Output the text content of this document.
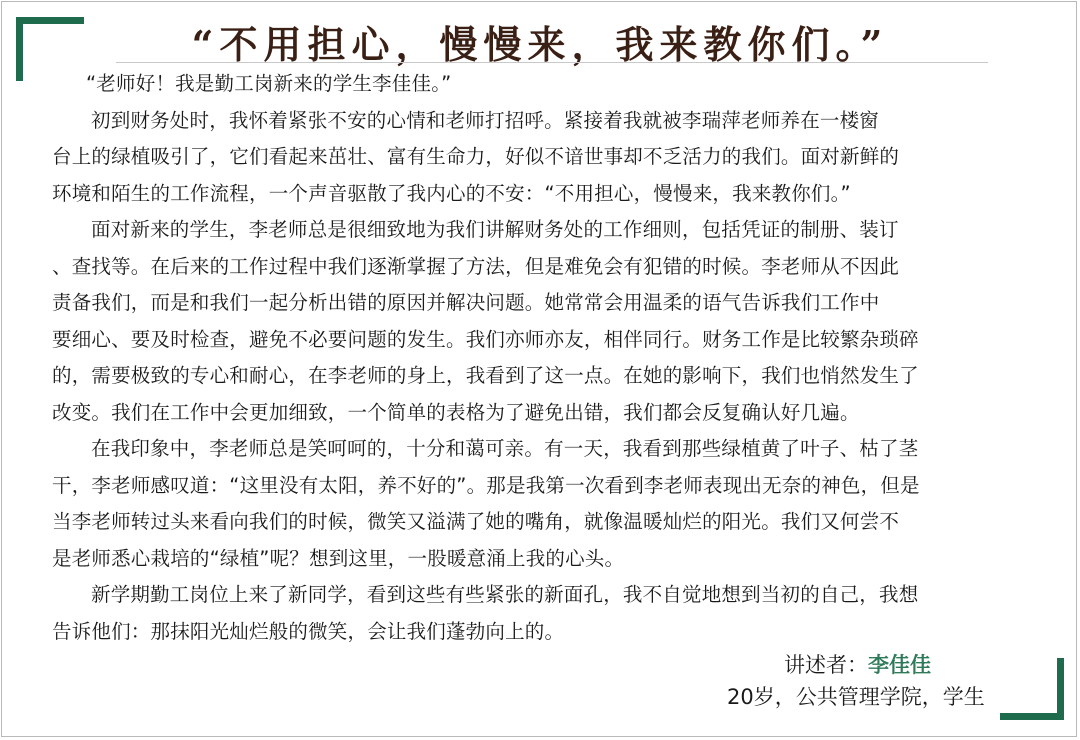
“不用担心，慢慢来，我来教你们。”
“老师好！我是勤工岗新来的学生李佳佳。”
初到财务处时，我怀着紧张不安的心情和老师打招呼。紧接着我就被李瑞萍老师养在一楼窗
台上的绿植吸引了，它们看起来茁壮、富有生命力，好似不谙世事却不乏活力的我们。面对新鲜的
环境和陌生的工作流程，一个声音驱散了我内心的不安：“不用担心，慢慢来，我来教你们。”
面对新来的学生，李老师总是很细致地为我们讲解财务处的工作细则，包括凭证的制册、装订
、查找等。在后来的工作过程中我们逐渐掌握了方法，但是难免会有犯错的时候。李老师从不因此
责备我们，而是和我们一起分析出错的原因并解决问题。她常常会用温柔的语气告诉我们工作中
要细心、要及时检查，避免不必要问题的发生。我们亦师亦友，相伴同行。财务工作是比较繁杂琐碎
的，需要极致的专心和耐心，在李老师的身上，我看到了这一点。在她的影响下，我们也悄然发生了
改变。我们在工作中会更加细致，一个简单的表格为了避免出错，我们都会反复确认好几遍。
在我印象中，李老师总是笑呵呵的，十分和蔼可亲。有一天，我看到那些绿植黄了叶子、枯了茎
干，李老师感叹道：“这里没有太阳，养不好的”。那是我第一次看到李老师表现出无奈的神色，但是
当李老师转过头来看向我们的时候，微笑又溢满了她的嘴角，就像温暖灿烂的阳光。我们又何尝不
是老师悉心栽培的“绿植”呢？想到这里，一股暖意涌上我的心头。
新学期勤工岗位上来了新同学，看到这些有些紧张的新面孔，我不自觉地想到当初的自己，我想
告诉他们：那抹阳光灿烂般的微笑，会让我们蓬勃向上的。
讲述者：李佳佳
20岁，公共管理学院，学生
